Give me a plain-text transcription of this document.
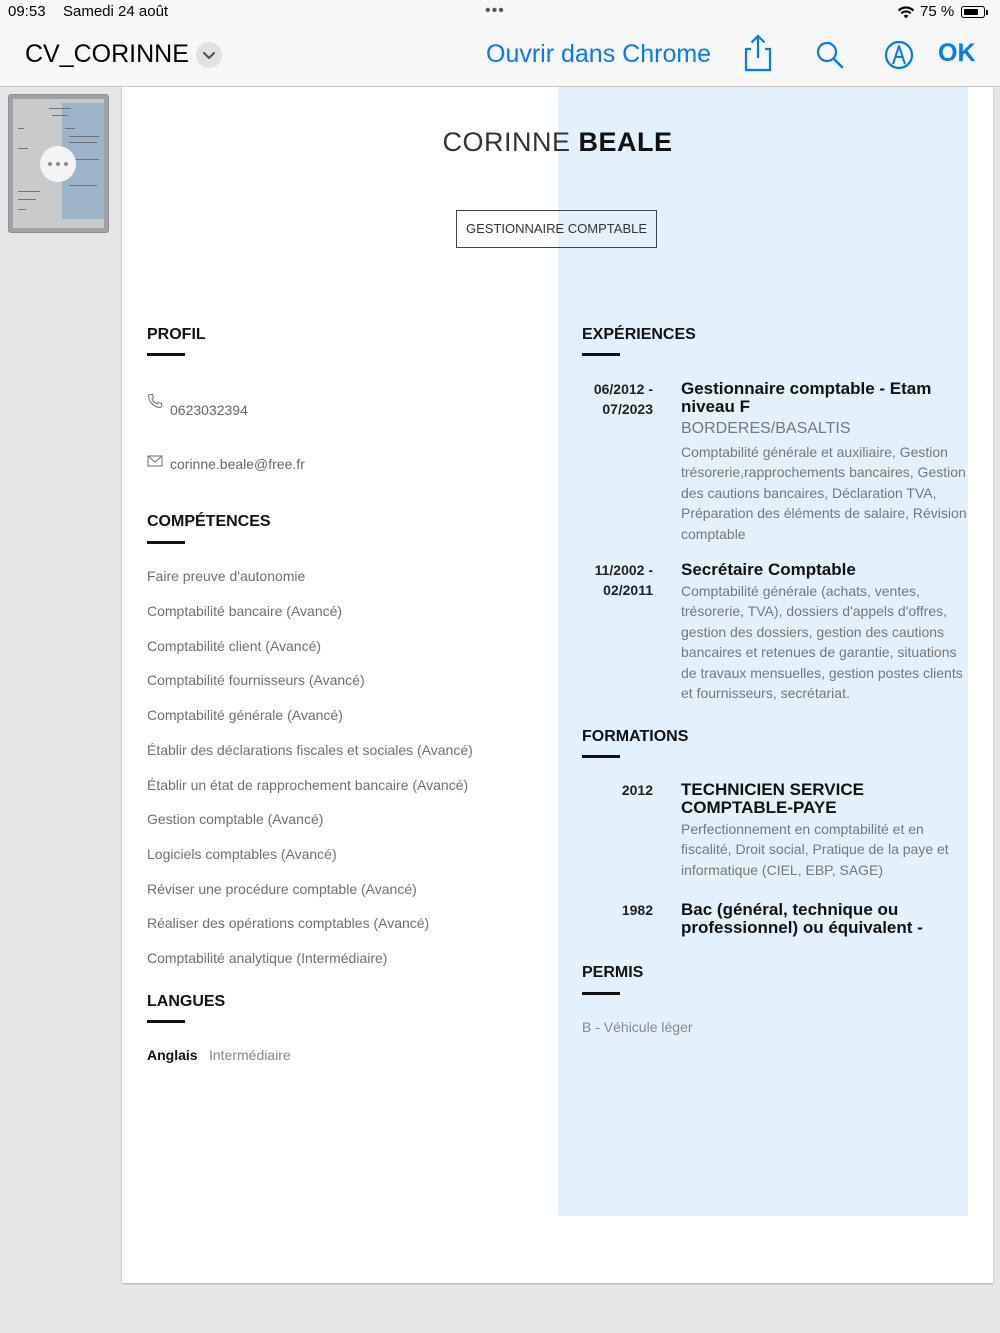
09:53 Samedi 24 août	•••	75 %
CV_CORINNE	Ouvrir dans Chrome	OK
CORINNE BEALE
GESTIONNAIRE COMPTABLE
PROFIL
0623032394
corinne.beale@free.fr
COMPÉTENCES
Faire preuve d'autonomie
Comptabilité bancaire (Avancé)
Comptabilité client (Avancé)
Comptabilité fournisseurs (Avancé)
Comptabilité générale (Avancé)
Établir des déclarations fiscales et sociales (Avancé)
Établir un état de rapprochement bancaire (Avancé)
Gestion comptable (Avancé)
Logiciels comptables (Avancé)
Réviser une procédure comptable (Avancé)
Réaliser des opérations comptables (Avancé)
Comptabilité analytique (Intermédiaire)
LANGUES
Anglais Intermédiaire
EXPÉRIENCES
06/2012 -
07/2023
Gestionnaire comptable - Etam niveau F
BORDERES/BASALTIS
Comptabilité générale et auxiliaire, Gestion trésorerie,rapprochements bancaires, Gestion des cautions bancaires, Déclaration TVA, Préparation des éléments de salaire, Révision comptable
11/2002 -
02/2011
Secrétaire Comptable
Comptabilité générale (achats, ventes, trésorerie, TVA), dossiers d'appels d'offres, gestion des dossiers, gestion des cautions bancaires et retenues de garantie, situations de travaux mensuelles, gestion postes clients et fournisseurs, secrétariat.
FORMATIONS
2012 TECHNICIEN SERVICE COMPTABLE-PAYE
Perfectionnement en comptabilité et en fiscalité, Droit social, Pratique de la paye et informatique (CIEL, EBP, SAGE)
1982 Bac (général, technique ou professionnel) ou équivalent -
PERMIS
B - Véhicule léger
